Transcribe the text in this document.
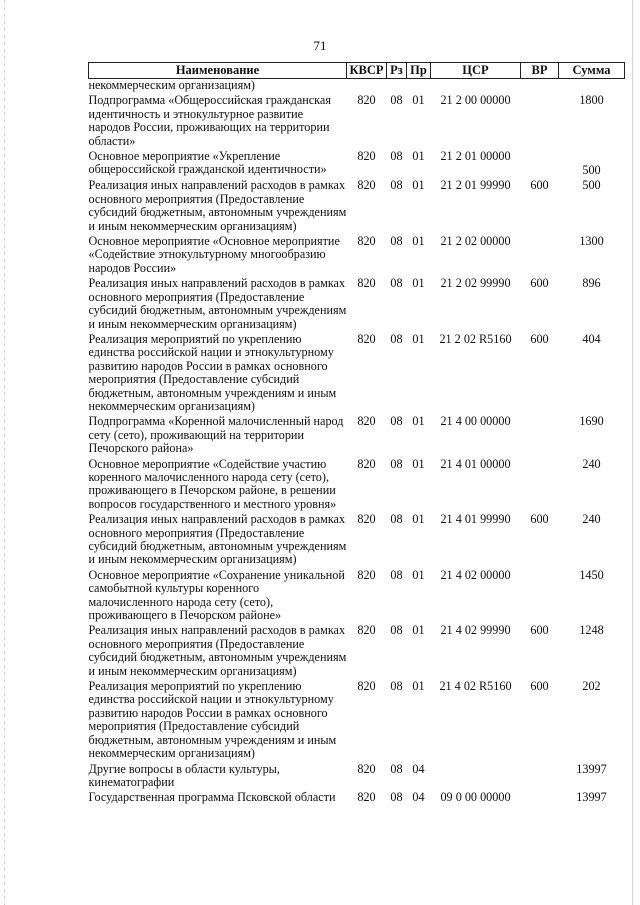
71
Наименование	КВСР	Рз	Пр	ЦСР	ВР	Сумма
некоммерческим организациям)						
Подпрограмма «Общероссийская гражданская идентичность и этнокультурное развитие народов России, проживающих на территории области»	820	08	01	21 2 00 00000		1800
Основное мероприятие «Укрепление общероссийской гражданской идентичности»	820	08	01	21 2 01 00000		500
Реализация иных направлений расходов в рамках основного мероприятия (Предоставление субсидий бюджетным, автономным учреждениям и иным некоммерческим организациям)	820	08	01	21 2 01 99990	600	500
Основное мероприятие «Основное мероприятие «Содействие этнокультурному многообразию народов России»	820	08	01	21 2 02 00000		1300
Реализация иных направлений расходов в рамках основного мероприятия (Предоставление субсидий бюджетным, автономным учреждениям и иным некоммерческим организациям)	820	08	01	21 2 02 99990	600	896
Реализация мероприятий по укреплению единства российской нации и этнокультурному развитию народов России в рамках основного мероприятия (Предоставление субсидий бюджетным, автономным учреждениям и иным некоммерческим организациям)	820	08	01	21 2 02 R5160	600	404
Подпрограмма «Коренной малочисленный народ сету (сето), проживающий на территории Печорского района»	820	08	01	21 4 00 00000		1690
Основное мероприятие «Содействие участию коренного малочисленного народа сету (сето), проживающего в Печорском районе, в решении вопросов государственного и местного уровня»	820	08	01	21 4 01 00000		240
Реализация иных направлений расходов в рамках основного мероприятия (Предоставление субсидий бюджетным, автономным учреждениям и иным некоммерческим организациям)	820	08	01	21 4 01 99990	600	240
Основное мероприятие «Сохранение уникальной самобытной культуры коренного малочисленного народа сету (сето), проживающего в Печорском районе»	820	08	01	21 4 02 00000		1450
Реализация иных направлений расходов в рамках основного мероприятия (Предоставление субсидий бюджетным, автономным учреждениям и иным некоммерческим организациям)	820	08	01	21 4 02 99990	600	1248
Реализация мероприятий по укреплению единства российской нации и этнокультурному развитию народов России в рамках основного мероприятия (Предоставление субсидий бюджетным, автономным учреждениям и иным некоммерческим организациям)	820	08	01	21 4 02 R5160	600	202
Другие вопросы в области культуры, кинематографии	820	08	04			13997
Государственная программа Псковской области	820	08	04	09 0 00 00000		13997
